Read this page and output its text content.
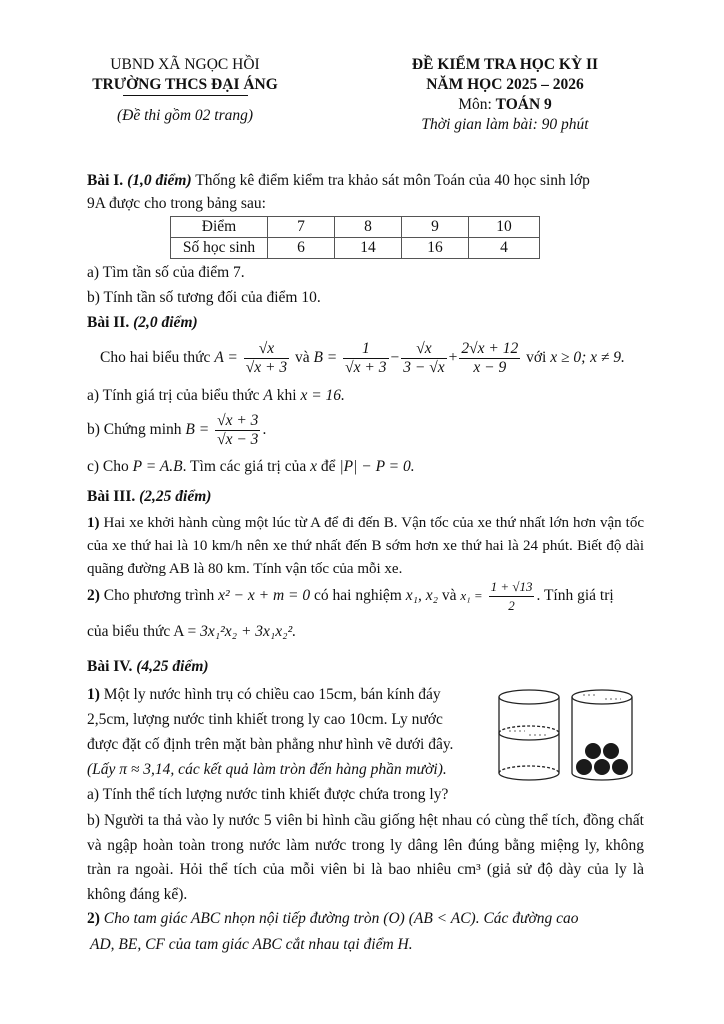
UBND XÃ NGỌC HỒI
TRƯỜNG THCS ĐẠI ÁNG
(Đề thi gồm 02 trang)
ĐỀ KIỂM TRA HỌC KỲ II
NĂM HỌC 2025 – 2026
Môn: TOÁN 9
Thời gian làm bài: 90 phút
Bài I. (1,0 điểm) Thống kê điểm kiểm tra khảo sát môn Toán của 40 học sinh lớp
9A được cho trong bảng sau:
Điểm	7	8	9	10
Số học sinh	6	14	16	4
a) Tìm tần số của điểm 7.
b) Tính tần số tương đối của điểm 10.
Bài II. (2,0 điểm)
Cho hai biểu thức $A = \frac{√x}{√x + 3}$ và $B = \frac{1}{√x + 3} - \frac{√x}{3 - √x} + \frac{2√x + 12}{x - 9}$ với x ≥ 0; x ≠ 9.
a) Tính giá trị của biểu thức A khi x = 16.
b) Chứng minh $B = \frac{√x + 3}{√x - 3}$ .
c) Cho P = A.B. Tìm các giá trị của x để |P| − P = 0.
Bài III. (2,25 điểm)
1) Hai xe khởi hành cùng một lúc từ A để đi đến B. Vận tốc của xe thứ nhất lớn hơn vận tốc của xe thứ hai là 10 km/h nên xe thứ nhất đến B sớm hơn xe thứ hai là 24 phút. Biết độ dài quãng đường AB là 80 km. Tính vận tốc của mỗi xe.
2) Cho phương trình x² − x + m = 0 có hai nghiệm x₁, x₂ và $x_1 = \frac{1 + √13}{2}$ . Tính giá trị
của biểu thức A = 3x₁²x₂ + 3x₁x₂².
Bài IV. (4,25 điểm)
1) Một ly nước hình trụ có chiều cao 15cm, bán kính đáy
2,5cm, lượng nước tinh khiết trong ly cao 10cm. Ly nước
được đặt cố định trên mặt bàn phẳng như hình vẽ dưới đây.
(Lấy π ≈ 3,14, các kết quả làm tròn đến hàng phần mười).
a) Tính thể tích lượng nước tinh khiết được chứa trong ly?
b) Người ta thả vào ly nước 5 viên bi hình cầu giống hệt nhau có cùng thể tích, đồng chất và ngập hoàn toàn trong nước làm nước trong ly dâng lên đúng bằng miệng ly, không tràn ra ngoài. Hỏi thể tích của mỗi viên bi là bao nhiêu cm³ (giả sử độ dày của ly là không đáng kể).
2) Cho tam giác ABC nhọn nội tiếp đường tròn (O) (AB < AC). Các đường cao
AD, BE, CF của tam giác ABC cắt nhau tại điểm H.
